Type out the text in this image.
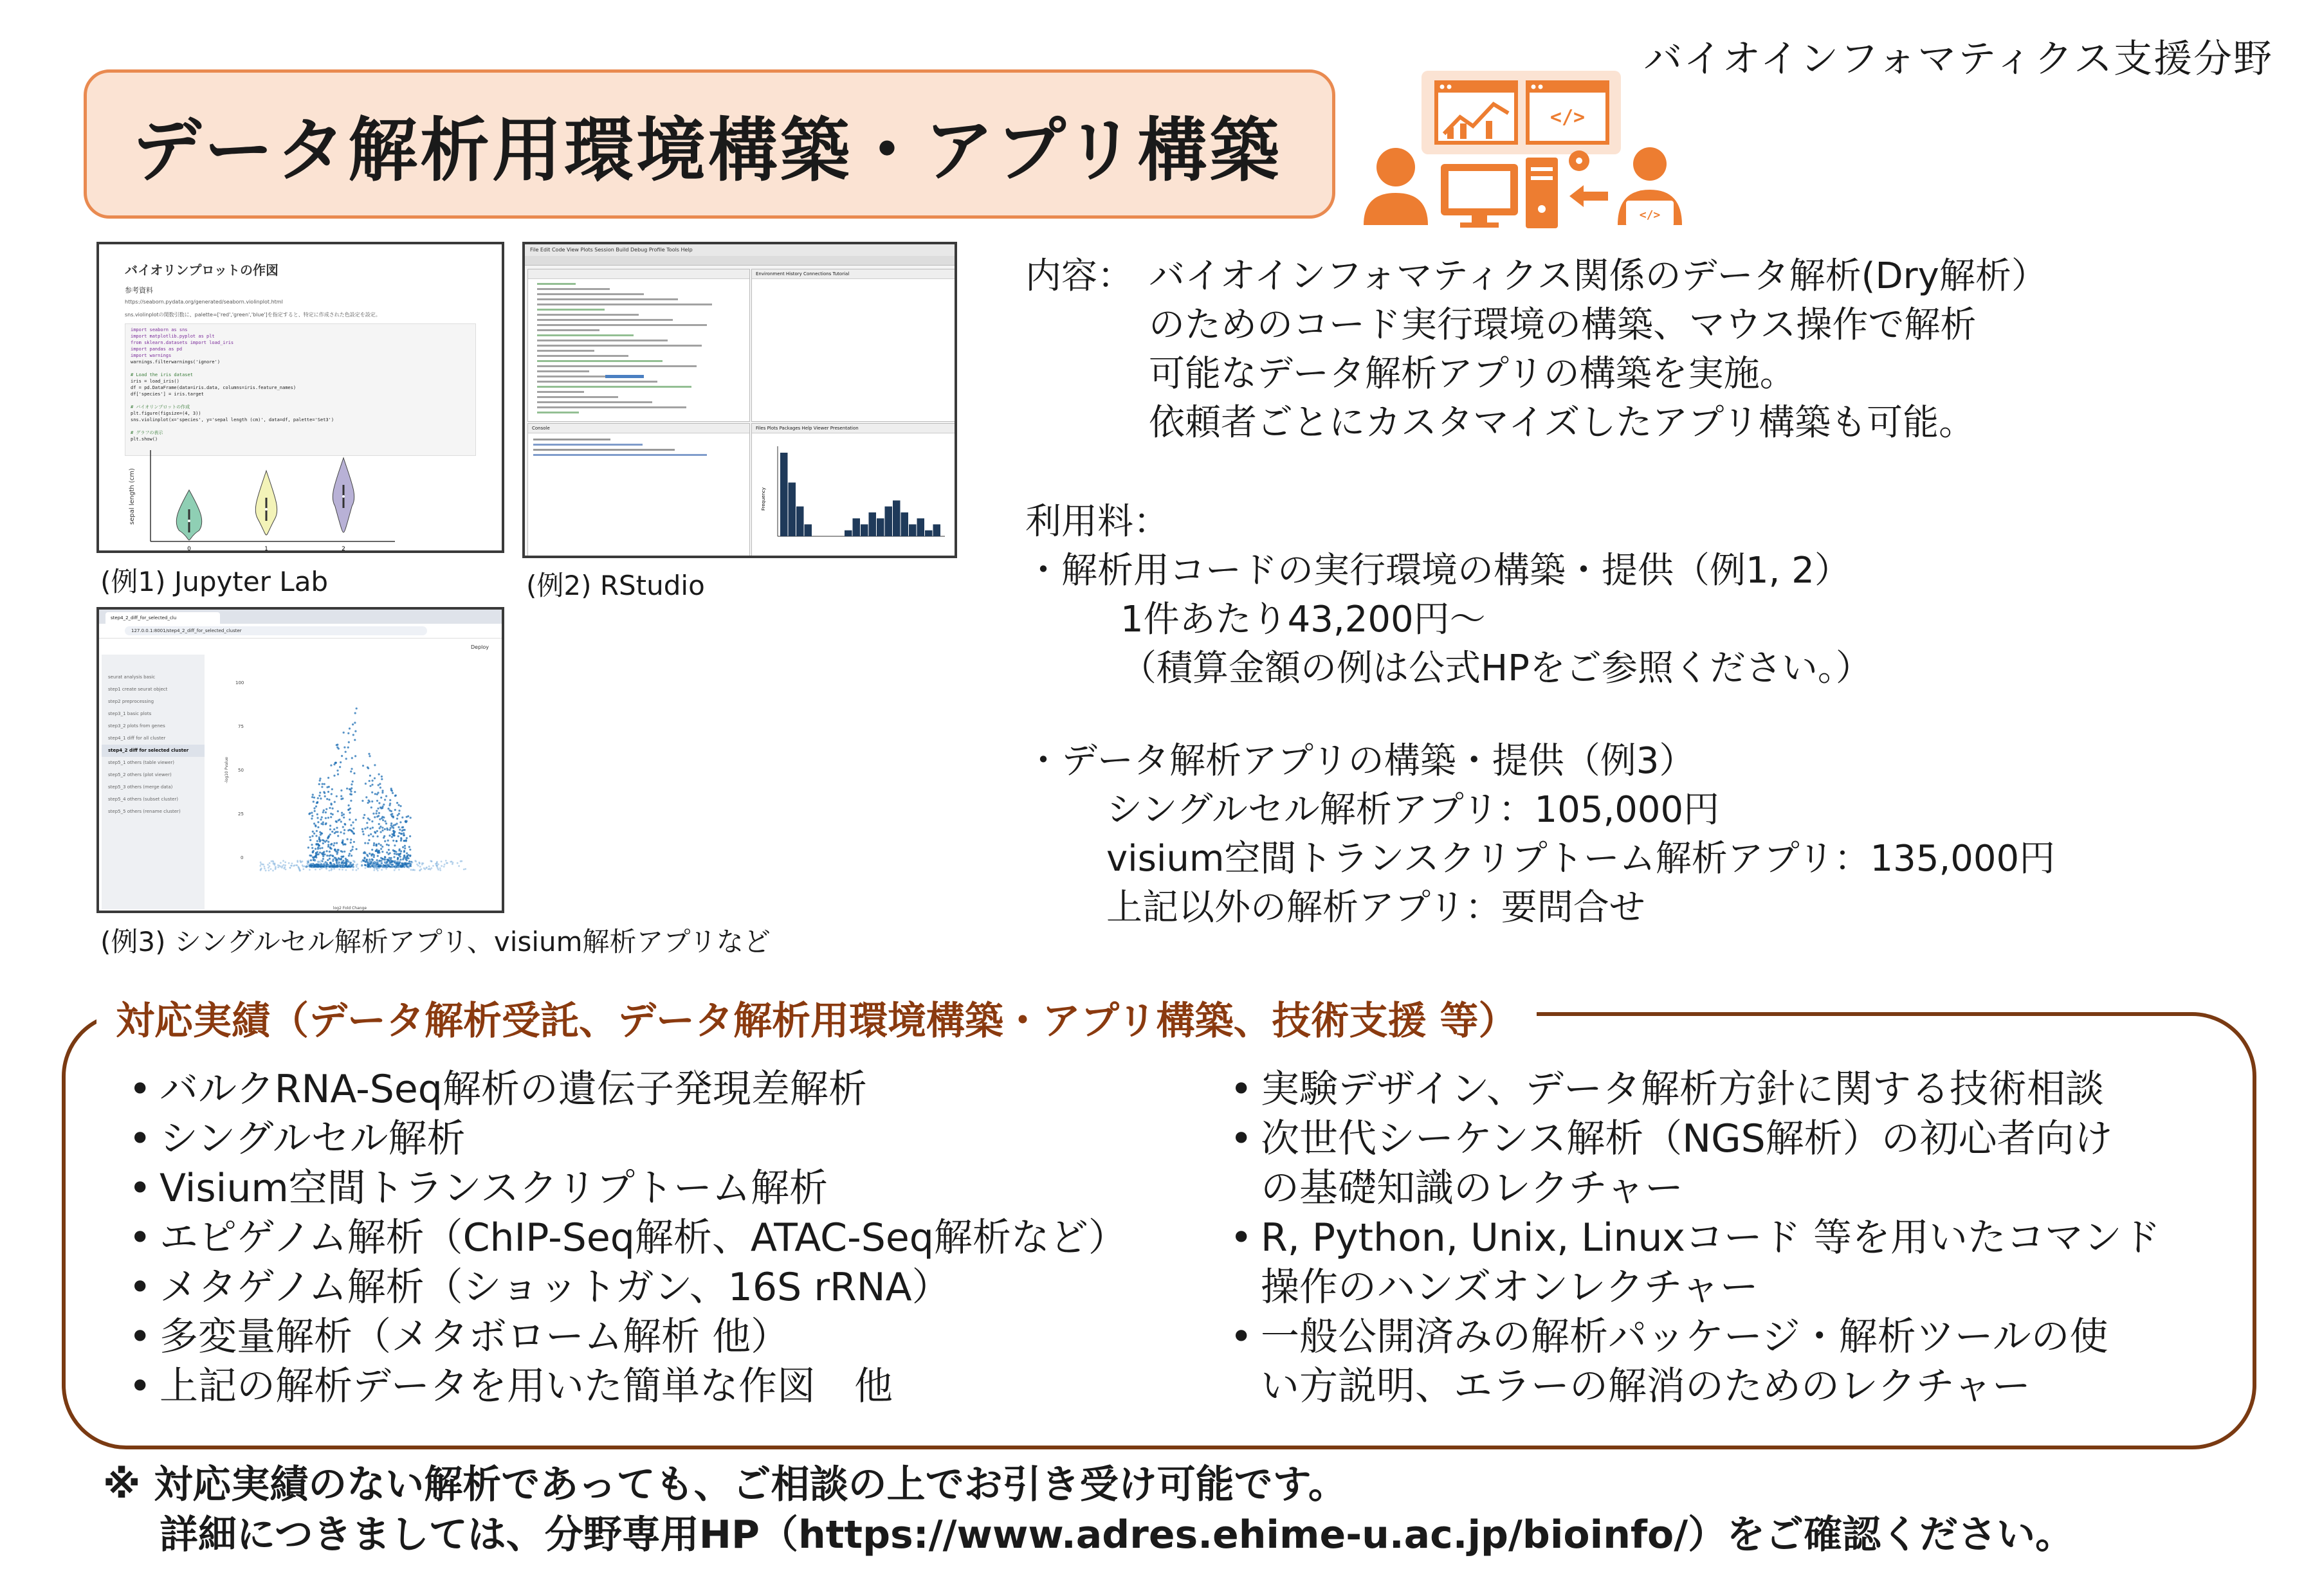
バイオインフォマティクス支援分野
データ解析用環境構築・アプリ構築	</>
</>
バイオリンプロットの作図
参考資料
https://seaborn.pydata.org/generated/seaborn.violinplot.html
sns.violinplotの関数引数に、palette=['red','green','blue']を指定すると、特定に作成された色設定を設定。
import seaborn as sns
import matplotlib.pyplot as plt
from sklearn.datasets import load_iris
import pandas as pd
import warnings
warnings.filterwarnings('ignore')

# Load the iris dataset
iris = load_iris()
df = pd.DataFrame(data=iris.data, columns=iris.feature_names)
df['species'] = iris.target

# バイオリンプロットの作成
plt.figure(figsize=(4, 3))
sns.violinplot(x='species', y='sepal length (cm)', data=df, palette='Set3')

# グラフの表示
plt.show()
sepal length (cm)
0	1	2
(例1) Jupyter Lab
File Edit Code View Plots Session Build Debug Profile Tools Help
Environment History Connections Tutorial
Console	Files Plots Packages Help Viewer Presentation
Frequency
(例2) RStudio
step4_2_diff_for_selected_clu
127.0.0.1:8001/step4_2_diff_for_selected_cluster
Deploy
seurat analysis basic
step1 create seurat object
step2 preprocessing
step3_1 basic plots
step3_2 plots from genes
step4_1 diff for all cluster
step4_2 diff for selected cluster
step5_1 others (table viewer)
step5_2 others (plot viewer)
step5_3 others (merge data)
step5_4 others (subset cluster)
step5_5 others (rename cluster)
100
75
50
25
0
-log10 Pvalue
log2 Fold Change
(例3) シングルセル解析アプリ、visium解析アプリなど
内容： バイオインフォマティクス関係のデータ解析(Dry解析）
のためのコード実行環境の構築、マウス操作で解析
可能なデータ解析アプリの構築を実施。
依頼者ごとにカスタマイズしたアプリ構築も可能。
利用料：
・解析用コードの実行環境の構築・提供（例1, 2）
1件あたり43,200円～
（積算金額の例は公式HPをご参照ください。）
・データ解析アプリの構築・提供（例3）
シングルセル解析アプリ：105,000円
visium空間トランスクリプトーム解析アプリ：135,000円
上記以外の解析アプリ：要問合せ
対応実績（データ解析受託、データ解析用環境構築・アプリ構築、技術支援 等）
• バルクRNA-Seq解析の遺伝子発現差解析
• シングルセル解析
• Visium空間トランスクリプトーム解析
• エピゲノム解析（ChIP-Seq解析、ATAC-Seq解析など）
• メタゲノム解析（ショットガン、16S rRNA）
• 多変量解析（メタボローム解析 他）
• 上記の解析データを用いた簡単な作図　他
• 実験デザイン、データ解析方針に関する技術相談
• 次世代シーケンス解析（NGS解析）の初心者向け
の基礎知識のレクチャー
• R, Python, Unix, Linuxコード 等を用いたコマンド
操作のハンズオンレクチャー
• 一般公開済みの解析パッケージ・解析ツールの使
い方説明、エラーの解消のためのレクチャー
※ 対応実績のない解析であっても、ご相談の上でお引き受け可能です。
詳細につきましては、分野専用HP（https://www.adres.ehime-u.ac.jp/bioinfo/）をご確認ください。
